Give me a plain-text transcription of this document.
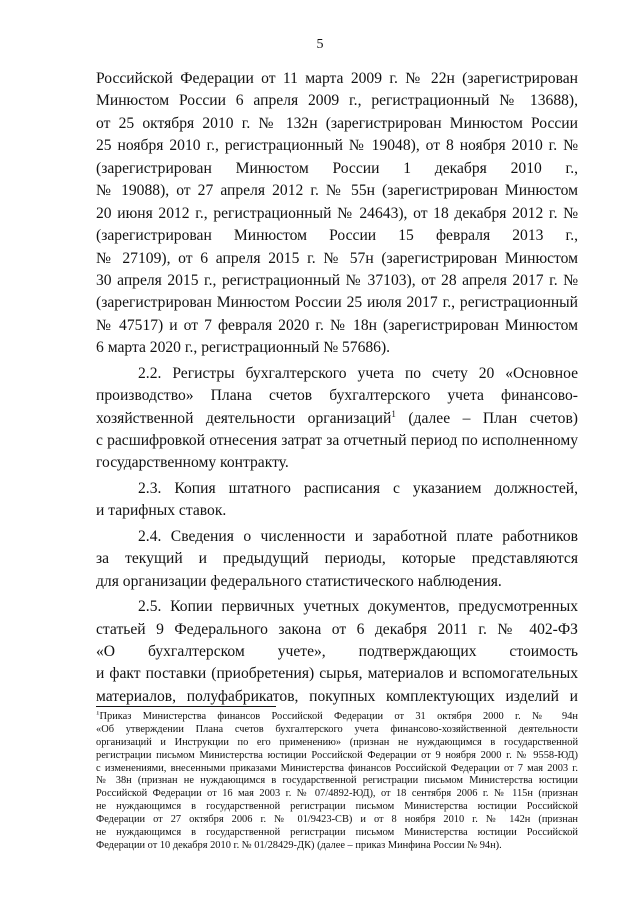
5
Российской Федерации от 11 марта 2009 г. № 22н (зарегистрирован
Минюстом России 6 апреля 2009 г., регистрационный № 13688),
от 25 октября 2010 г. № 132н (зарегистрирован Минюстом России
25 ноября 2010 г., регистрационный № 19048), от 8 ноября 2010 г. №
(зарегистрирован Минюстом России 1 декабря 2010 г.,
№ 19088), от 27 апреля 2012 г. № 55н (зарегистрирован Минюстом
20 июня 2012 г., регистрационный № 24643), от 18 декабря 2012 г. №
(зарегистрирован Минюстом России 15 февраля 2013 г.,
№ 27109), от 6 апреля 2015 г. № 57н (зарегистрирован Минюстом
30 апреля 2015 г., регистрационный № 37103), от 28 апреля 2017 г. №
(зарегистрирован Минюстом России 25 июля 2017 г., регистрационный
№ 47517) и от 7 февраля 2020 г. № 18н (зарегистрирован Минюстом
6 марта 2020 г., регистрационный № 57686).
2.2. Регистры бухгалтерского учета по счету 20 «Основное
производство» Плана счетов бухгалтерского учета финансово-
хозяйственной деятельности организаций$^1$ (далее – План счетов)
с расшифровкой отнесения затрат за отчетный период по исполненному
государственному контракту.
2.3. Копия штатного расписания с указанием должностей,
и тарифных ставок.
2.4. Сведения о численности и заработной плате работников
за текущий и предыдущий периоды, которые представляются
для организации федерального статистического наблюдения.
2.5. Копии первичных учетных документов, предусмотренных
статьей 9 Федерального закона от 6 декабря 2011 г. № 402-ФЗ
«О бухгалтерском учете», подтверждающих стоимость
и факт поставки (приобретения) сырья, материалов и вспомогательных
материалов, полуфабрикатов, покупных комплектующих изделий и
$^1$Приказ Министерства финансов Российской Федерации от 31 октября 2000 г. № 94н
«Об утверждении Плана счетов бухгалтерского учета финансово-хозяйственной деятельности
организаций и Инструкции по его применению» (признан не нуждающимся в государственной
регистрации письмом Министерства юстиции Российской Федерации от 9 ноября 2000 г. № 9558-ЮД)
с изменениями, внесенными приказами Министерства финансов Российской Федерации от 7 мая 2003 г.
№ 38н (признан не нуждающимся в государственной регистрации письмом Министерства юстиции
Российской Федерации от 16 мая 2003 г. № 07/4892-ЮД), от 18 сентября 2006 г. № 115н (признан
не нуждающимся в государственной регистрации письмом Министерства юстиции Российской
Федерации от 27 октября 2006 г. № 01/9423-СВ) и от 8 ноября 2010 г. № 142н (признан
не нуждающимся в государственной регистрации письмом Министерства юстиции Российской
Федерации от 10 декабря 2010 г. № 01/28429-ДК) (далее – приказ Минфина России № 94н).
